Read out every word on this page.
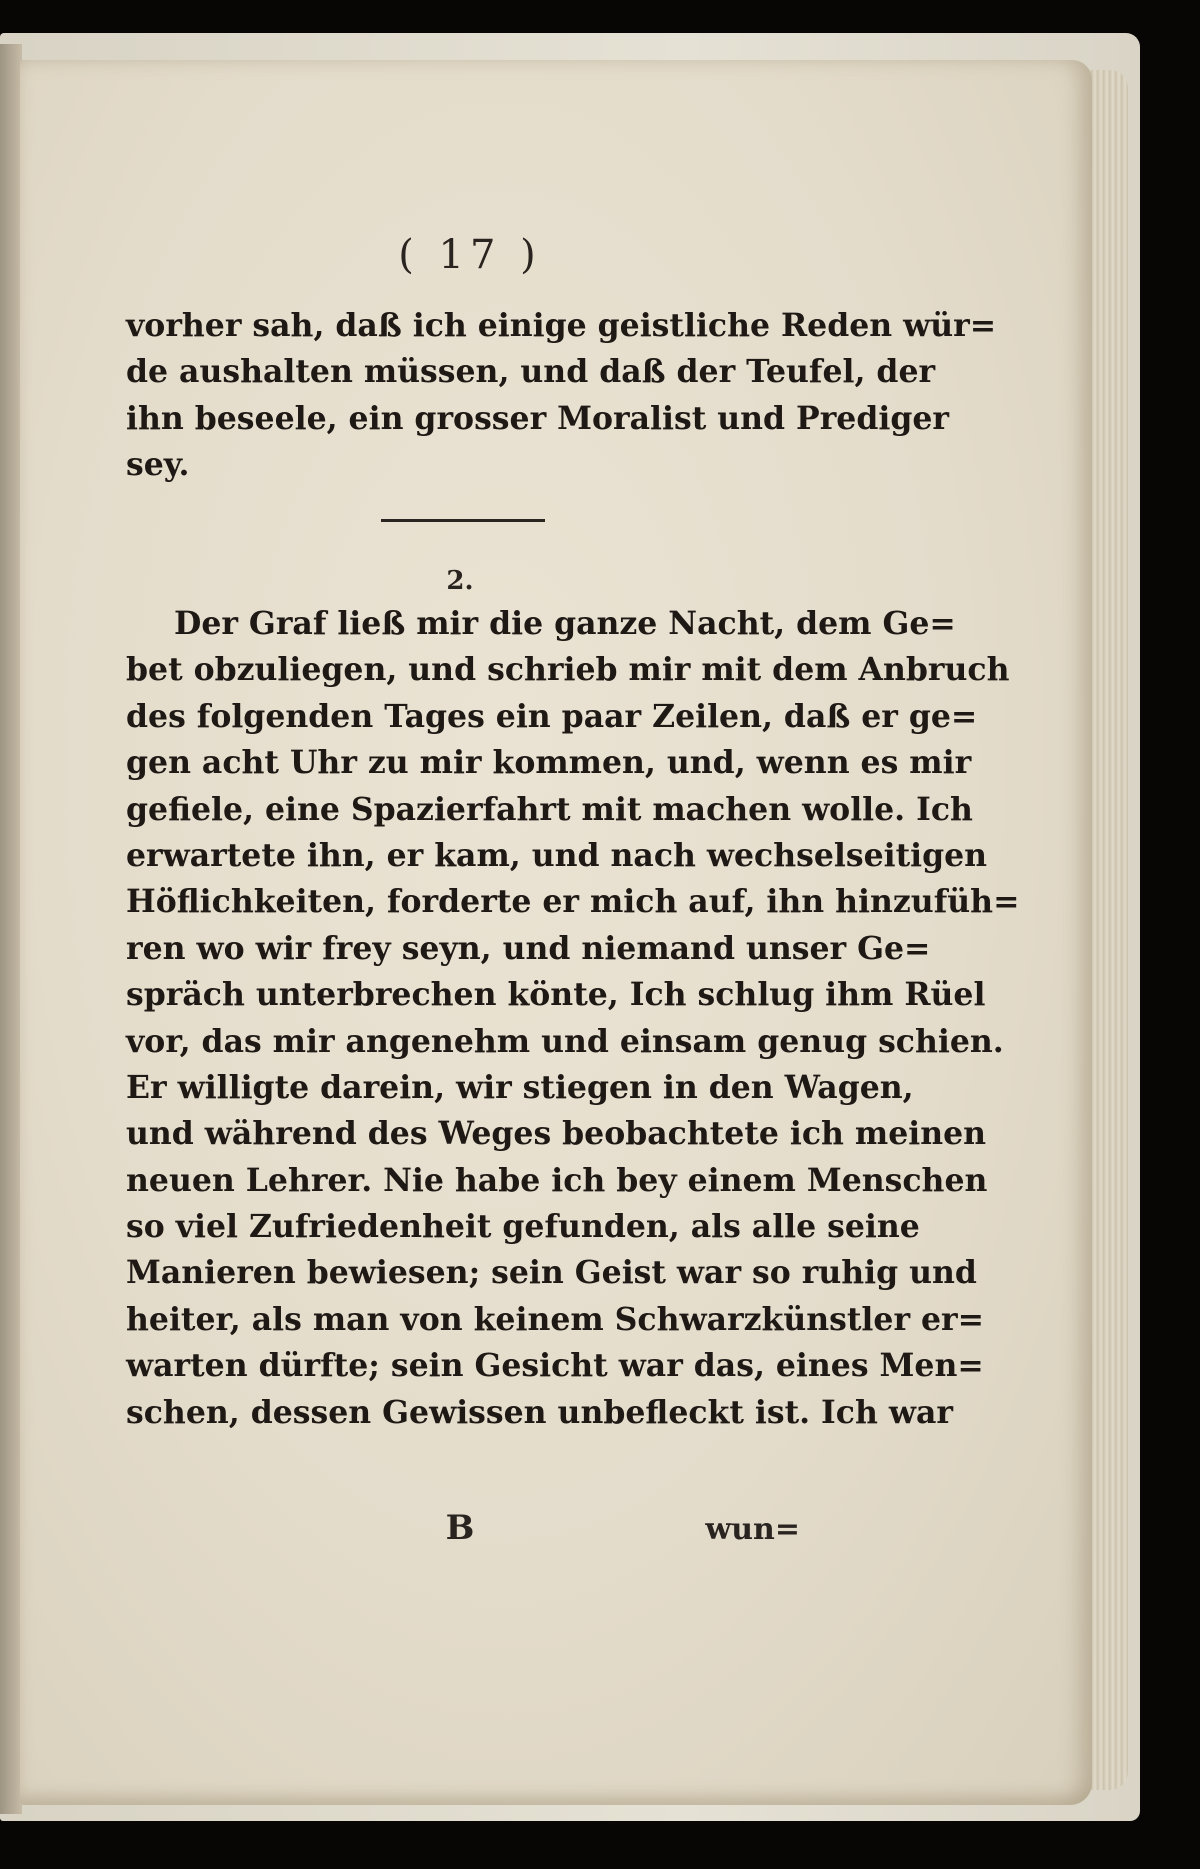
( 17 )
vorher sah, daß ich einige geistliche Reden wür=
de aushalten müssen, und daß der Teufel, der
ihn beseele, ein grosser Moralist und Prediger
sey.
2.
Der Graf ließ mir die ganze Nacht, dem Ge=
bet obzuliegen, und schrieb mir mit dem Anbruch
des folgenden Tages ein paar Zeilen, daß er ge=
gen acht Uhr zu mir kommen, und, wenn es mir
gefiele, eine Spazierfahrt mit machen wolle. Ich
erwartete ihn, er kam, und nach wechselseitigen
Höflichkeiten, forderte er mich auf, ihn hinzufüh=
ren wo wir frey seyn, und niemand unser Ge=
spräch unterbrechen könte, Ich schlug ihm Rüel
vor, das mir angenehm und einsam genug schien.
Er willigte darein, wir stiegen in den Wagen,
und während des Weges beobachtete ich meinen
neuen Lehrer. Nie habe ich bey einem Menschen
so viel Zufriedenheit gefunden, als alle seine
Manieren bewiesen; sein Geist war so ruhig und
heiter, als man von keinem Schwarzkünstler er=
warten dürfte; sein Gesicht war das, eines Men=
schen, dessen Gewissen unbefleckt ist. Ich war
B	wun=
